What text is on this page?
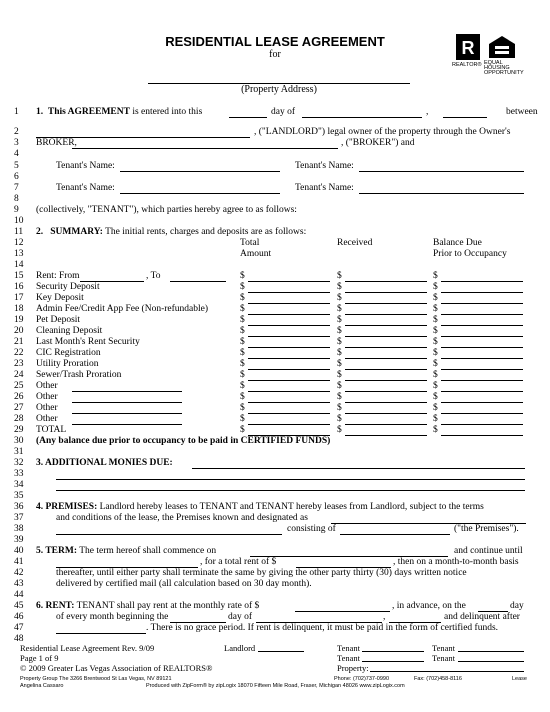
RESIDENTIAL LEASE AGREEMENT
for	R
REALTOR® EQUAL HOUSING OPPORTUNITY
(Property Address)
1
2
3
4
5
6
7
8
9
10
11
12
13
14
15
16
17
18
19
20
21
22
23
24
25
26
27
28
29
30
31
32
33
34
35
36
37
38
39
40
41
42
43
44
45
46
47
48
1. This AGREEMENT is entered into this	day of	,	between
, ("LANDLORD") legal owner of the property through the Owner's
BROKER,	, ("BROKER") and
Tenant's Name:	Tenant's Name:
Tenant's Name:	Tenant's Name:
(collectively, "TENANT"), which parties hereby agree to as follows:
2. SUMMARY: The initial rents, charges and deposits are as follows:
Total
Amount
Received	Balance Due
Prior to Occupancy
Rent: From	, To	$	$	$
Security Deposit	$	$	$
Key Deposit	$	$	$
Admin Fee/Credit App Fee (Non-refundable)	$	$	$
Pet Deposit	$	$	$
Cleaning Deposit	$	$	$
Last Month's Rent Security	$	$	$
CIC Registration	$	$	$
Utility Proration	$	$	$
Sewer/Trash Proration	$	$	$
Other	$	$	$
Other	$	$	$
Other	$	$	$
Other	$	$	$
TOTAL	$	$	$
(Any balance due prior to occupancy to be paid in CERTIFIED FUNDS)
3. ADDITIONAL MONIES DUE:
4. PREMISES: Landlord hereby leases to TENANT and TENANT hereby leases from Landlord, subject to the terms
and conditions of the lease, the Premises known and designated as
consisting of	("the Premises").
5. TERM: The term hereof shall commence on	and continue until
, for a total rent of $	, then on a month-to-month basis
thereafter, until either party shall terminate the same by giving the other party thirty (30) days written notice
delivered by certified mail (all calculation based on 30 day month).
6. RENT: TENANT shall pay rent at the monthly rate of $	, in advance, on the	day
of every month beginning the	day of	,	and delinquent after
. There is no grace period. If rent is delinquent, it must be paid in the form of certified funds.
Residential Lease Agreement Rev. 9/09
Page 1 of 9
© 2009 Greater Las Vegas Association of REALTORS®
Landlord	Tenant	Tenant
Tenant	Tenant
Property:
Property Group The 3266 Brentwood St Las Vegas, NV 89121
Angelina Cassaro
Phone: (702)737-0990	Fax: (702)458-8116	Lease
Produced with ZipForm® by zipLogix 18070 Fifteen Mile Road, Fraser, Michigan 48026 www.zipLogix.com
